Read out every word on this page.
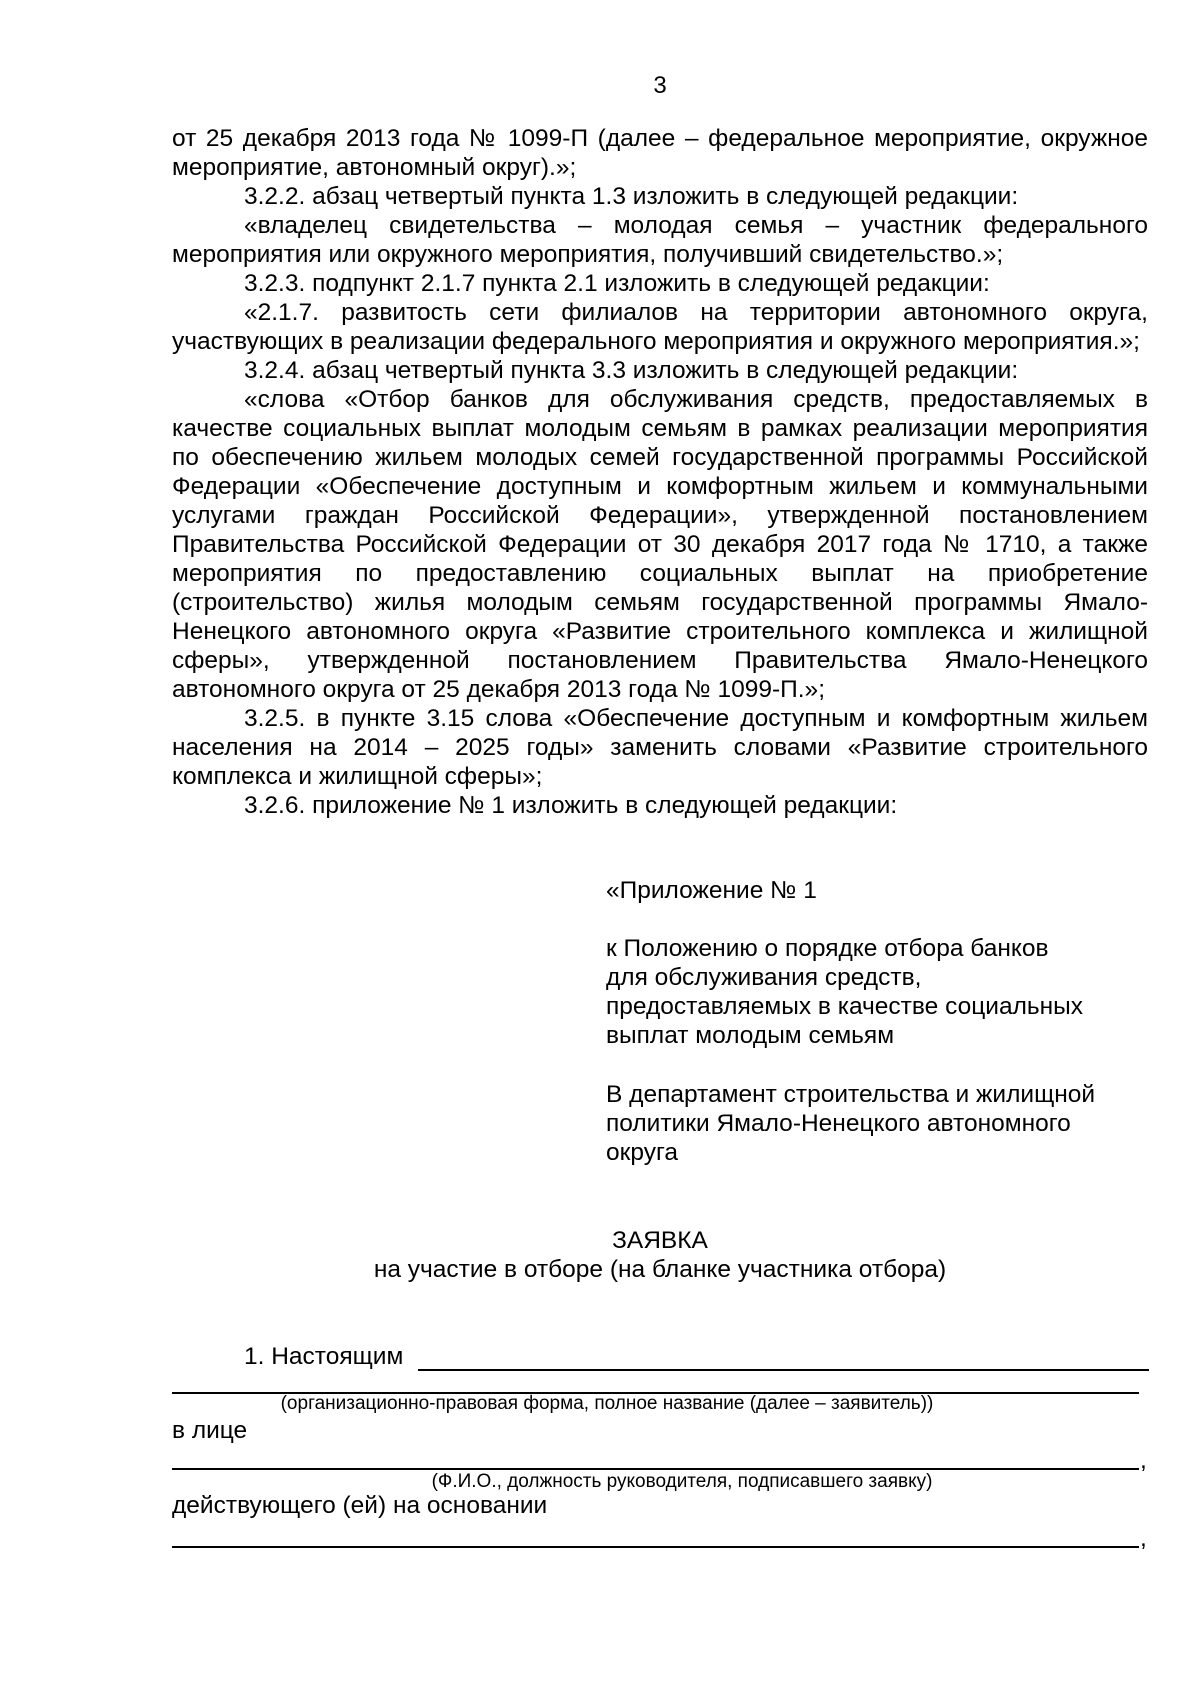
3

от 25 декабря 2013 года № 1099-П (далее – федеральное мероприятие, окружное мероприятие, автономный округ).»;

3.2.2. абзац четвертый пункта 1.3 изложить в следующей редакции:

«владелец свидетельства – молодая семья – участник федерального мероприятия или окружного мероприятия, получивший свидетельство.»;

3.2.3. подпункт 2.1.7 пункта 2.1 изложить в следующей редакции:

«2.1.7. развитость сети филиалов на территории автономного округа, участвующих в реализации федерального мероприятия и окружного мероприятия.»;

3.2.4. абзац четвертый пункта 3.3 изложить в следующей редакции:

«слова «Отбор банков для обслуживания средств, предоставляемых в качестве социальных выплат молодым семьям в рамках реализации мероприятия по обеспечению жильем молодых семей государственной программы Российской Федерации «Обеспечение доступным и комфортным жильем и коммунальными услугами граждан Российской Федерации», утвержденной постановлением Правительства Российской Федерации от 30 декабря 2017 года № 1710, а также мероприятия по предоставлению социальных выплат на приобретение (строительство) жилья молодым семьям государственной программы Ямало-Ненецкого автономного округа «Развитие строительного комплекса и жилищной сферы», утвержденной постановлением Правительства Ямало-Ненецкого автономного округа от 25 декабря 2013 года № 1099-П.»;

3.2.5. в пункте 3.15 слова «Обеспечение доступным и комфортным жильем населения на 2014 – 2025 годы» заменить словами «Развитие строительного комплекса и жилищной сферы»;

3.2.6. приложение № 1 изложить в следующей редакции:

«Приложение № 1
к Положению о порядке отбора банков
для обслуживания средств,
предоставляемых в качестве социальных
выплат молодым семьям
В департамент строительства и жилищной
политики Ямало-Ненецкого автономного
округа
ЗАЯВКА
на участие в отборе (на бланке участника отбора)
1. Настоящим
(организационно-правовая форма, полное название (далее – заявитель))
в лице
,
(Ф.И.О., должность руководителя, подписавшего заявку)
действующего (ей) на основании
,
